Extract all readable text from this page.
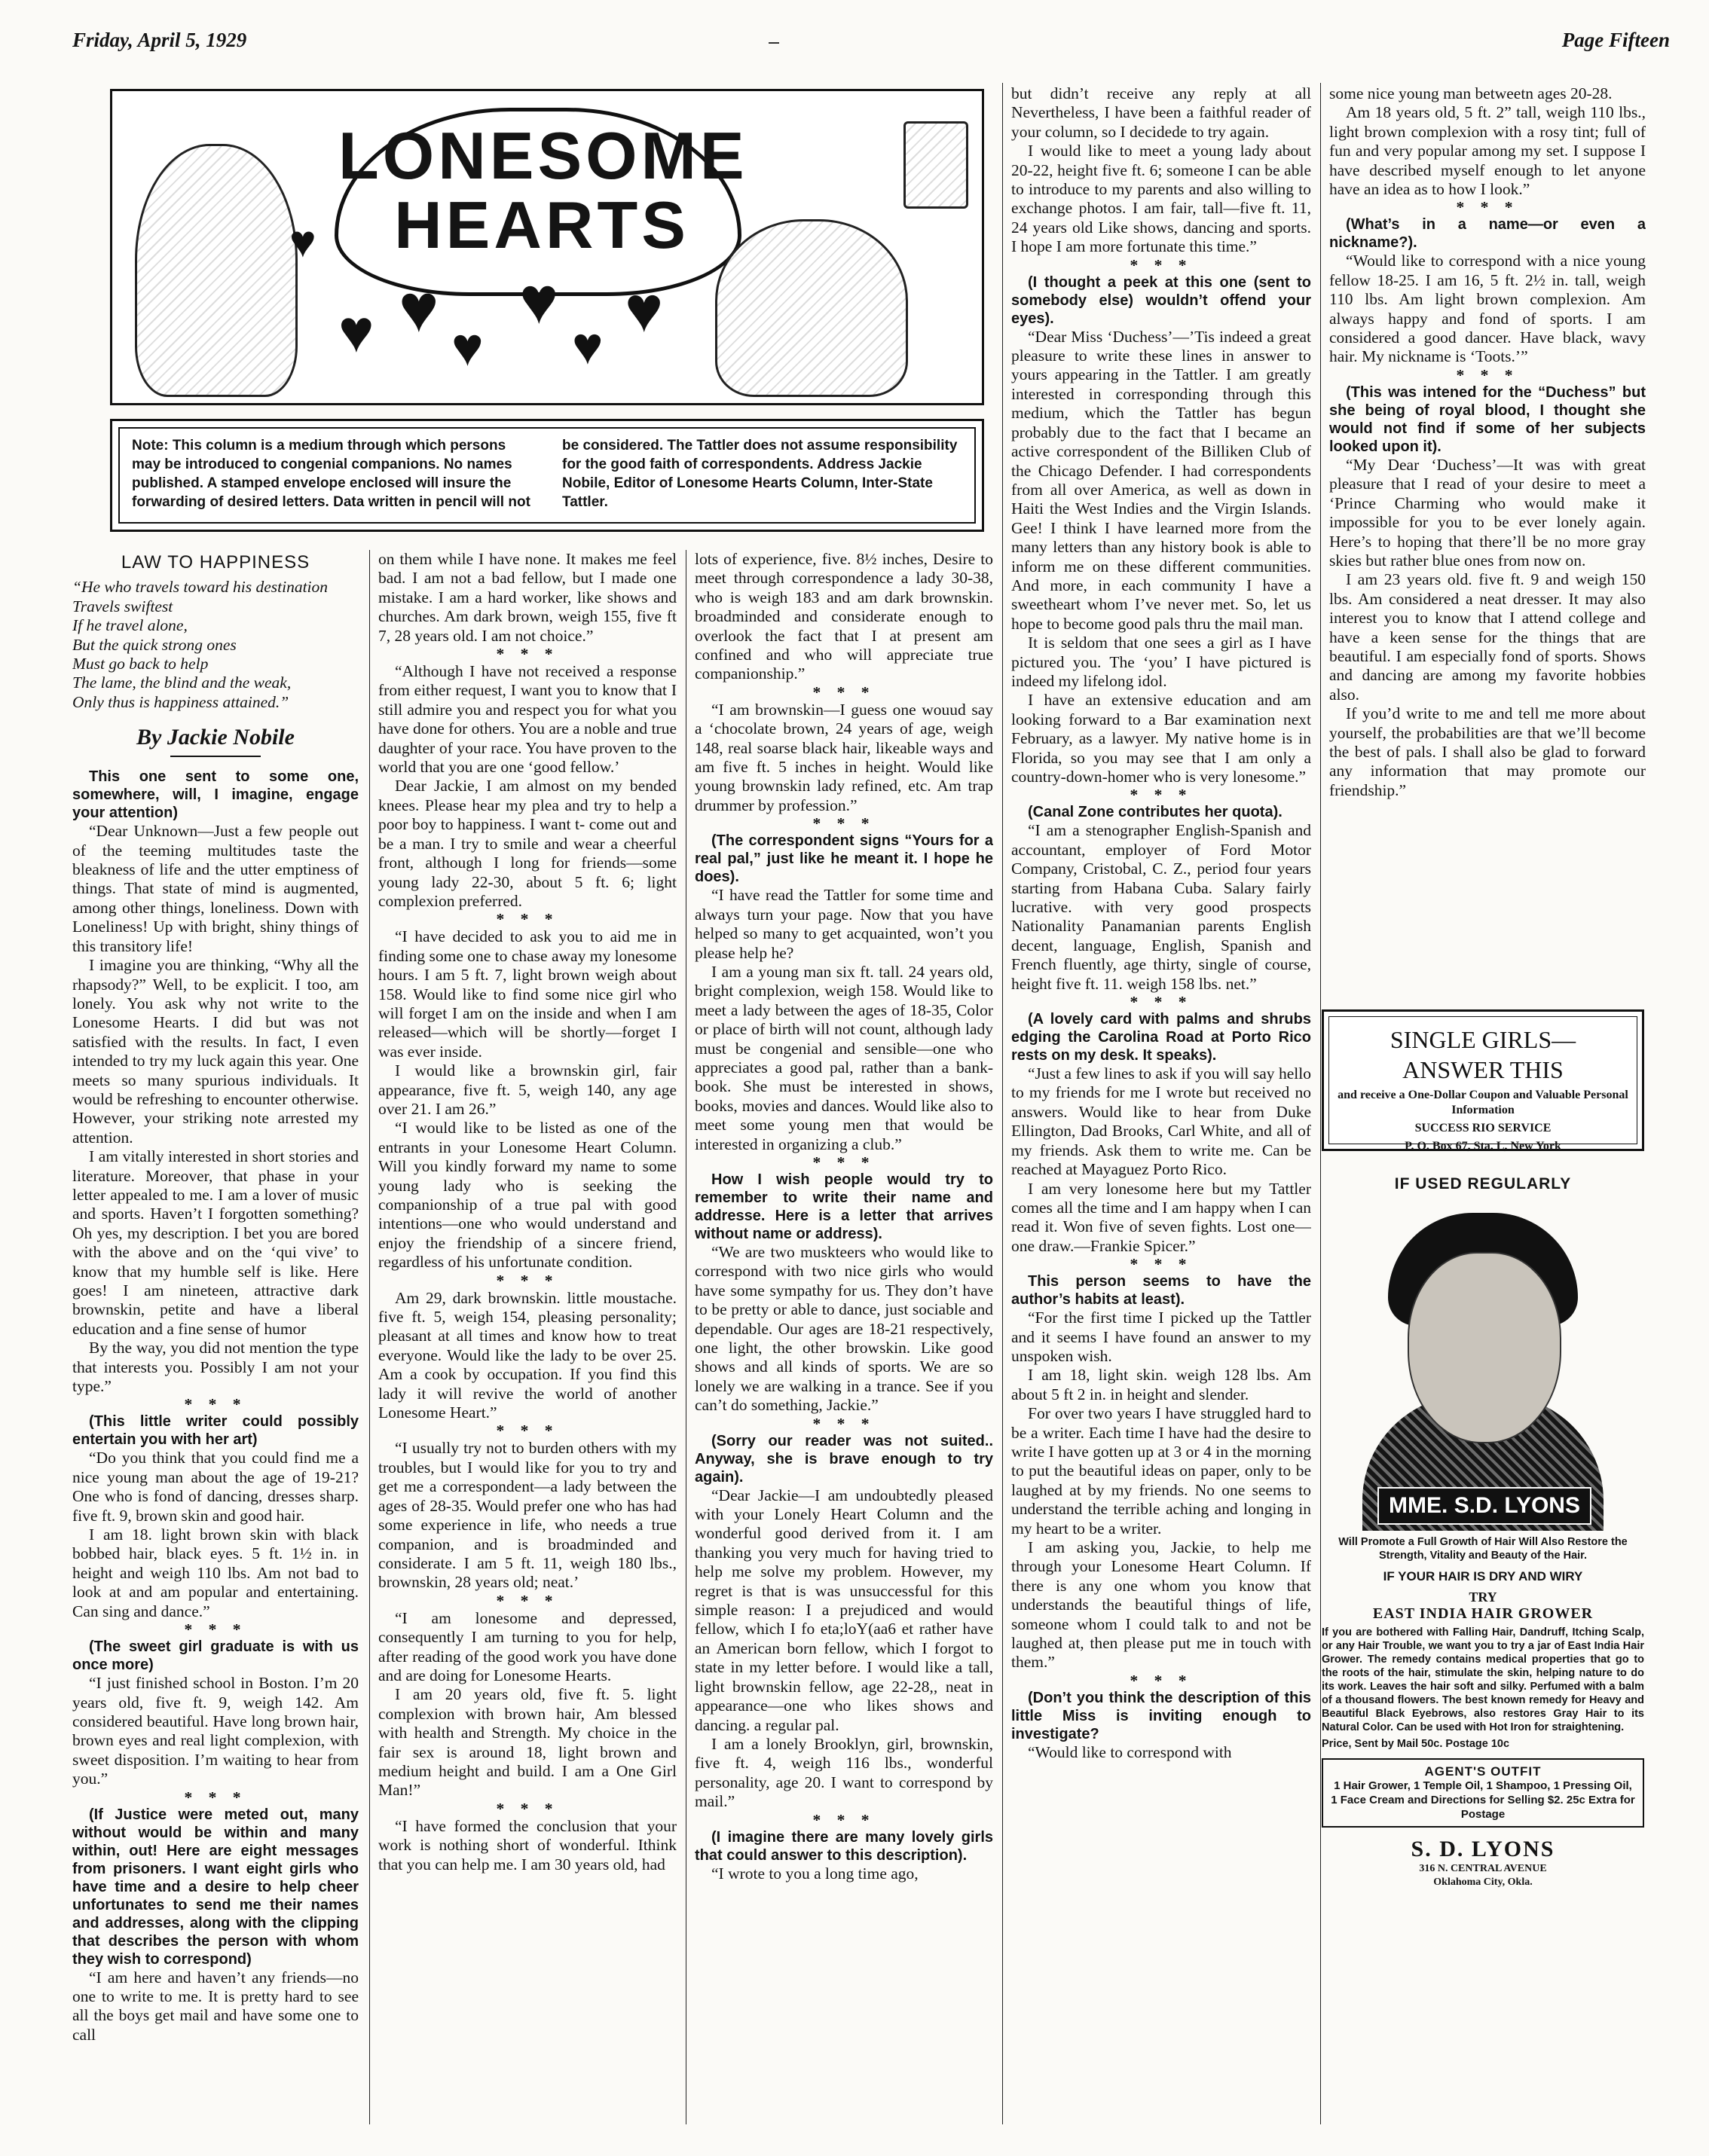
Friday, April 5, 1929	Page Fifteen
LONESOME
HEARTS
♥ ♥
♥
♥
♥
♥
♥
Note: This column is a medium through which persons may be introduced to congenial companions. No names published. A stamped envelope enclosed will insure the forwarding of desired letters. Data written in pencil will not be considered. The Tattler does not assume responsibility for the good faith of correspondents. Address Jackie Nobile, Editor of Lonesome Hearts Column, Inter-State Tattler.
LAW TO HAPPINESS
“He who travels toward his destination
Travels swiftest
If he travel alone,
But the quick strong ones
Must go back to help
The lame, the blind and the weak,
Only thus is happiness attained.”

By Jackie Nobile

This one sent to some one, somewhere, will, I imagine, engage your attention)

“Dear Unknown—Just a few people out of the teeming multitudes taste the bleakness of life and the utter emptiness of things. That state of mind is augmented, among other things, loneliness. Down with Loneliness! Up with bright, shiny things of this transitory life!

I imagine you are thinking, “Why all the rhapsody?” Well, to be explicit. I too, am lonely. You ask why not write to the Lonesome Hearts. I did but was not satisfied with the results. In fact, I even intended to try my luck again this year. One meets so many spurious individuals. It would be refreshing to encounter otherwise. However, your striking note arrested my attention.

I am vitally interested in short stories and literature. Moreover, that phase in your letter appealed to me. I am a lover of music and sports. Haven’t I forgotten something? Oh yes, my description. I bet you are bored with the above and on the ‘qui vive’ to know that my humble self is like. Here goes! I am nineteen, attractive dark brownskin, petite and have a liberal education and a fine sense of humor

By the way, you did not mention the type that interests you. Possibly I am not your type.”

* * *

(This little writer could possibly entertain you with her art)

“Do you think that you could find me a nice young man about the age of 19-21? One who is fond of dancing, dresses sharp. five ft. 9, brown skin and good hair.

I am 18. light brown skin with black bobbed hair, black eyes. 5 ft. 1½ in. in height and weigh 110 lbs. Am not bad to look at and am popular and entertaining. Can sing and dance.”

* * *

(The sweet girl graduate is with us once more)

“I just finished school in Boston. I’m 20 years old, five ft. 9, weigh 142. Am considered beautiful. Have long brown hair, brown eyes and real light complexion, with sweet disposition. I’m waiting to hear from you.”

* * *

(If Justice were meted out, many without would be within and many within, out! Here are eight messages from prisoners. I want eight girls who have time and a desire to help cheer unfortunates to send me their names and addresses, along with the clipping that describes the person with whom they wish to correspond)

“I am here and haven’t any friends—no one to write to me. It is pretty hard to see all the boys get mail and have some one to call

on them while I have none. It makes me feel bad. I am not a bad fellow, but I made one mistake. I am a hard worker, like shows and churches. Am dark brown, weigh 155, five ft 7, 28 years old. I am not choice.”

* * *

“Although I have not received a response from either request, I want you to know that I still admire you and respect you for what you have done for others. You are a noble and true daughter of your race. You have proven to the world that you are one ‘good fellow.’

Dear Jackie, I am almost on my bended knees. Please hear my plea and try to help a poor boy to happiness. I want t- come out and be a man. I try to smile and wear a cheerful front, although I long for friends—some young lady 22-30, about 5 ft. 6; light complexion preferred.

* * *

“I have decided to ask you to aid me in finding some one to chase away my lonesome hours. I am 5 ft. 7, light brown weigh about 158. Would like to find some nice girl who will forget I am on the inside and when I am released—which will be shortly—forget I was ever inside.

I would like a brownskin girl, fair appearance, five ft. 5, weigh 140, any age over 21. I am 26.”

“I would like to be listed as one of the entrants in your Lonesome Heart Column. Will you kindly forward my name to some young lady who is seeking the companionship of a true pal with good intentions—one who would understand and enjoy the friendship of a sincere friend, regardless of his unfortunate condition.

* * *

Am 29, dark brownskin. little moustache. five ft. 5, weigh 154, pleasing personality; pleasant at all times and know how to treat everyone. Would like the lady to be over 25. Am a cook by occupation. If you find this lady it will revive the world of another Lonesome Heart.”

* * *

“I usually try not to burden others with my troubles, but I would like for you to try and get me a correspondent—a lady between the ages of 28-35. Would prefer one who has had some experience in life, who needs a true companion, and is broadminded and considerate. I am 5 ft. 11, weigh 180 lbs., brownskin, 28 years old; neat.’

* * *

“I am lonesome and depressed, consequently I am turning to you for help, after reading of the good work you have done and are doing for Lonesome Hearts.

I am 20 years old, five ft. 5. light complexion with brown hair, Am blessed with health and Strength. My choice in the fair sex is around 18, light brown and medium height and build. I am a One Girl Man!”

* * *

“I have formed the conclusion that your work is nothing short of wonderful. Ithink that you can help me. I am 30 years old, had

lots of experience, five. 8½ inches, Desire to meet through correspondence a lady 30-38, who is weigh 183 and am dark brownskin. broadminded and considerate enough to overlook the fact that I at present am confined and who will appreciate true companionship.”

* * *

“I am brownskin—I guess one wouud say a ‘chocolate brown, 24 years of age, weigh 148, real soarse black hair, likeable ways and am five ft. 5 inches in height. Would like young brownskin lady refined, etc. Am trap drummer by profession.”

* * *

(The correspondent signs “Yours for a real pal,” just like he meant it. I hope he does).

“I have read the Tattler for some time and always turn your page. Now that you have helped so many to get acquainted, won’t you please help he?

I am a young man six ft. tall. 24 years old, bright complexion, weigh 158. Would like to meet a lady between the ages of 18-35, Color or place of birth will not count, although lady must be congenial and sensible—one who appreciates a good pal, rather than a bank-book. She must be interested in shows, books, movies and dances. Would like also to meet some young men that would be interested in organizing a club.”

* * *

How I wish people would try to remember to write their name and addresse. Here is a letter that arrives without name or address).

“We are two muskteers who would like to correspond with two nice girls who would have some sympathy for us. They don’t have to be pretty or able to dance, just sociable and dependable. Our ages are 18-21 respectively, one light, the other browskin. Like good shows and all kinds of sports. We are so lonely we are walking in a trance. See if you can’t do something, Jackie.”

* * *

(Sorry our reader was not suited.. Anyway, she is brave enough to try again).

“Dear Jackie—I am undoubtedly pleased with your Lonely Heart Column and the wonderful good derived from it. I am thanking you very much for having tried to help me solve my problem. However, my regret is that is was unsuccessful for this simple reason: I a prejudiced and would fellow, which I fo eta;loY(aa6 et rather have an American born fellow, which I forgot to state in my letter before. I would like a tall, light brownskin fellow, age 22-28,, neat in appearance—one who likes shows and dancing. a regular pal.

I am a lonely Brooklyn, girl, brownskin, five ft. 4, weigh 116 lbs., wonderful personality, age 20. I want to correspond by mail.”

* * *

(I imagine there are many lovely girls that could answer to this description).

“I wrote to you a long time ago,

but didn’t receive any reply at all Nevertheless, I have been a faithful reader of your column, so I decidede to try again.

I would like to meet a young lady about 20-22, height five ft. 6; someone I can be able to introduce to my parents and also willing to exchange photos. I am fair, tall—five ft. 11, 24 years old Like shows, dancing and sports. I hope I am more fortunate this time.”

* * *

(I thought a peek at this one (sent to somebody else) wouldn’t offend your eyes).

“Dear Miss ‘Duchess’—’Tis indeed a great pleasure to write these lines in answer to yours appearing in the Tattler. I am greatly interested in corresponding through this medium, which the Tattler has begun probably due to the fact that I became an active correspondent of the Billiken Club of the Chicago Defender. I had correspondents from all over America, as well as down in Haiti the West Indies and the Virgin Islands. Gee! I think I have learned more from the many letters than any history book is able to inform me on these different communities. And more, in each community I have a sweetheart whom I’ve never met. So, let us hope to become good pals thru the mail man.

It is seldom that one sees a girl as I have pictured you. The ‘you’ I have pictured is indeed my lifelong idol.

I have an extensive education and am looking forward to a Bar examination next February, as a lawyer. My native home is in Florida, so you may see that I am only a country-down-homer who is very lonesome.”

* * *

(Canal Zone contributes her quota).

“I am a stenographer English-Spanish and accountant, employer of Ford Motor Company, Cristobal, C. Z., period four years starting from Habana Cuba. Salary fairly lucrative. with very good prospects Nationality Panamanian parents English decent, language, English, Spanish and French fluently, age thirty, single of course, height five ft. 11. weigh 158 lbs. net.”

* * *

(A lovely card with palms and shrubs edging the Carolina Road at Porto Rico rests on my desk. It speaks).

“Just a few lines to ask if you will say hello to my friends for me I wrote but received no answers. Would like to hear from Duke Ellington, Dad Brooks, Carl White, and all of my friends. Ask them to write me. Can be reached at Mayaguez Porto Rico.

I am very lonesome here but my Tattler comes all the time and I am happy when I can read it. Won five of seven fights. Lost one—one draw.—Frankie Spicer.”

* * *

This person seems to have the author’s habits at least).

“For the first time I picked up the Tattler and it seems I have found an answer to my unspoken wish.

I am 18, light skin. weigh 128 lbs. Am about 5 ft 2 in. in height and slender.

For over two years I have struggled hard to be a writer. Each time I have had the desire to write I have gotten up at 3 or 4 in the morning to put the beautiful ideas on paper, only to be laughed at by my friends. No one seems to understand the terrible aching and longing in my heart to be a writer.

I am asking you, Jackie, to help me through your Lonesome Heart Column. If there is any one whom you know that understands the beautiful things of life, someone whom I could talk to and not be laughed at, then please put me in touch with them.”

* * *

(Don’t you think the description of this little Miss is inviting enough to investigate?

“Would like to correspond with

some nice young man betweetn ages 20-28.

Am 18 years old, 5 ft. 2” tall, weigh 110 lbs., light brown complexion with a rosy tint; full of fun and very popular among my set. I suppose I have described myself enough to let anyone have an idea as to how I look.”

* * *

(What’s in a name—or even a nickname?).

“Would like to correspond with a nice young fellow 18-25. I am 16, 5 ft. 2½ in. tall, weigh 110 lbs. Am light brown complexion. Am always happy and fond of sports. I am considered a good dancer. Have black, wavy hair. My nickname is ‘Toots.’”

* * *

(This was intened for the “Duchess” but she being of royal blood, I thought she would not find if some of her subjects looked upon it).

“My Dear ‘Duchess’—It was with great pleasure that I read of your desire to meet a ‘Prince Charming who would make it impossible for you to be ever lonely again. Here’s to hoping that there’ll be no more gray skies but rather blue ones from now on.

I am 23 years old. five ft. 9 and weigh 150 lbs. Am considered a neat dresser. It may also interest you to know that I attend college and have a keen sense for the things that are beautiful. I am especially fond of sports. Shows and dancing are among my favorite hobbies also.

If you’d write to me and tell me more about yourself, the probabilities are that we’ll become the best of pals. I shall also be glad to forward any information that may promote our friendship.”

SINGLE GIRLS—
ANSWER THIS
and receive a One-Dollar Coupon and Valuable Personal Information
SUCCESS RIO SERVICE
P. O. Box 67, Sta. L, New York
IF USED REGULARLY
MME. S.D. LYONS
Will Promote a Full Growth of Hair Will Also Restore the Strength, Vitality and Beauty of the Hair.
IF YOUR HAIR IS DRY AND WIRY
TRY
EAST INDIA HAIR GROWER
If you are bothered with Falling Hair, Dandruff, Itching Scalp, or any Hair Trouble, we want you to try a jar of East India Hair Grower. The remedy contains medical properties that go to the roots of the hair, stimulate the skin, helping nature to do its work. Leaves the hair soft and silky. Perfumed with a balm of a thousand flowers. The best known remedy for Heavy and Beautiful Black Eyebrows, also restores Gray Hair to its Natural Color. Can be used with Hot Iron for straightening.
Price, Sent by Mail 50c. Postage 10c
AGENT'S OUTFIT
1 Hair Grower, 1 Temple Oil, 1 Shampoo, 1 Pressing Oil, 1 Face Cream and Directions for Selling $2. 25c Extra for Postage
S. D. LYONS
316 N. CENTRAL AVENUE
Oklahoma City, Okla.
